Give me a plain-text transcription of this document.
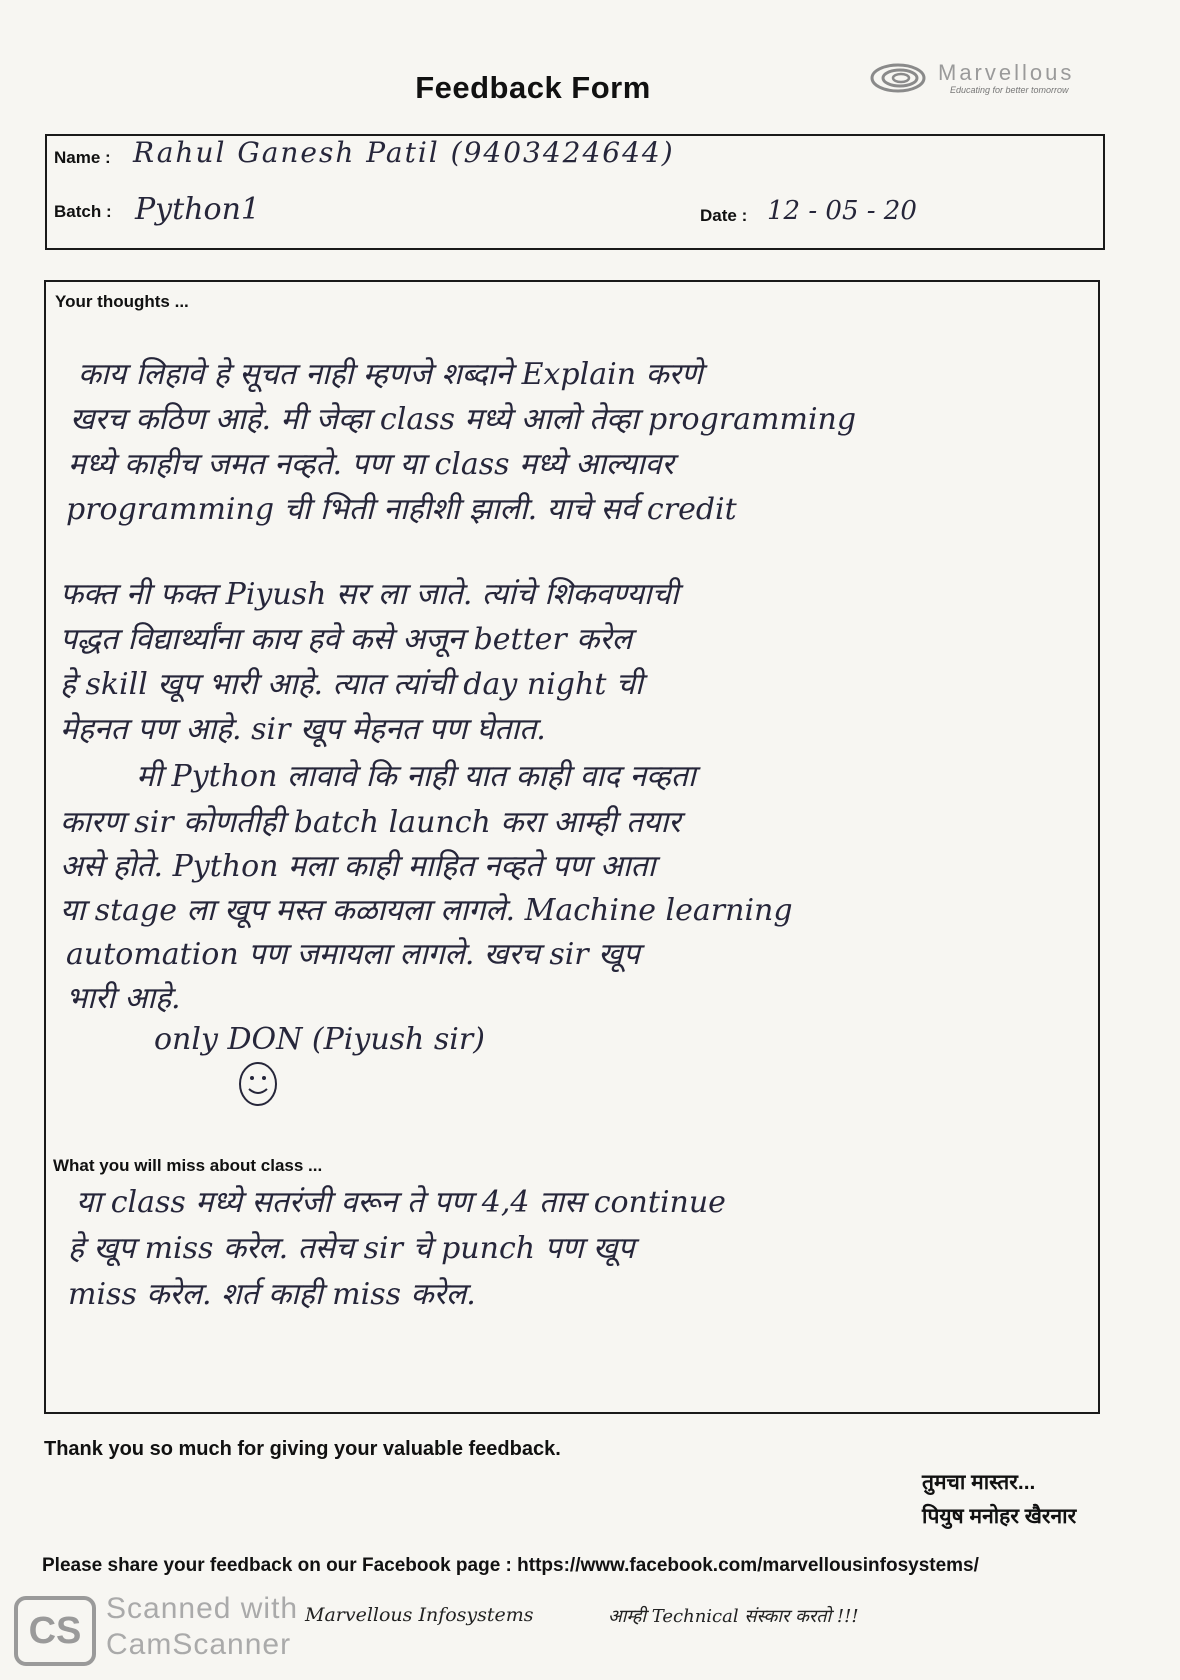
Feedback Form	Marvellous
Educating for better tomorrow
Name : Rahul Ganesh Patil (9403424644)
Batch : Python1	Date : 12 - 05 - 20
Your thoughts ...
काय लिहावे हे सूचत नाही म्हणजे शब्दाने Explain करणे
खरच कठिण आहे. मी जेव्हा class मध्ये आलो तेव्हा programming
मध्ये काहीच जमत नव्हते. पण या class मध्ये आल्यावर
programming ची भिती नाहीशी झाली. याचे सर्व credit
फक्त नी फक्त Piyush सर ला जाते. त्यांचे शिकवण्याची
पद्धत विद्यार्थ्यांना काय हवे कसे अजून better करेल
हे skill खूप भारी आहे. त्यात त्यांची day night ची
मेहनत पण आहे. sir खूप मेहनत पण घेतात.
मी Python लावावे कि नाही यात काही वाद नव्हता
कारण sir कोणतीही batch launch करा आम्ही तयार
असे होते. Python मला काही माहित नव्हते पण आता
या stage ला खूप मस्त कळायला लागले. Machine learning
automation पण जमायला लागले. खरच sir खूप
भारी आहे.
only DON (Piyush sir)
What you will miss about class ...
या class मध्ये सतरंजी वरून ते पण 4,4 तास continue
हे खूप miss करेल. तसेच sir चे punch पण खूप
miss करेल. शर्त काही miss करेल.
Thank you so much for giving your valuable feedback.
तुमचा मास्तर...
पियुष मनोहर खैरनार
Please share your feedback on our Facebook page : https://www.facebook.com/marvellousinfosystems/
CS
Scanned with
CamScanner
Marvellous Infosystems	आम्ही Technical संस्कार करतो !!!
